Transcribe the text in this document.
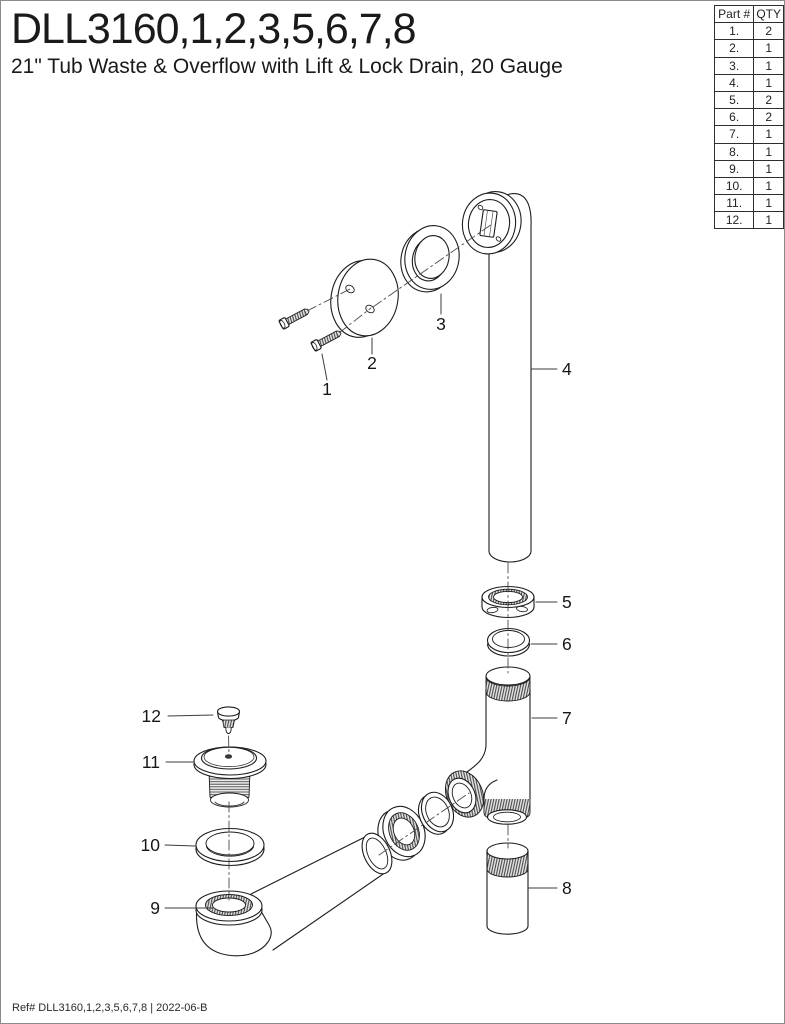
DLL3160,1,2,3,5,6,7,8
21" Tub Waste & Overflow with Lift & Lock Drain, 20 Gauge
Part #	QTY
1.	2
2.	1
3.	1
4.	1
5.	2
6.	2
7.	1
8.	1
9.	1
10.	1
11.	1
12.	1
1
2
3
4
5
6
7
8
9
10
11
12
Ref# DLL3160,1,2,3,5,6,7,8 | 2022-06-B
